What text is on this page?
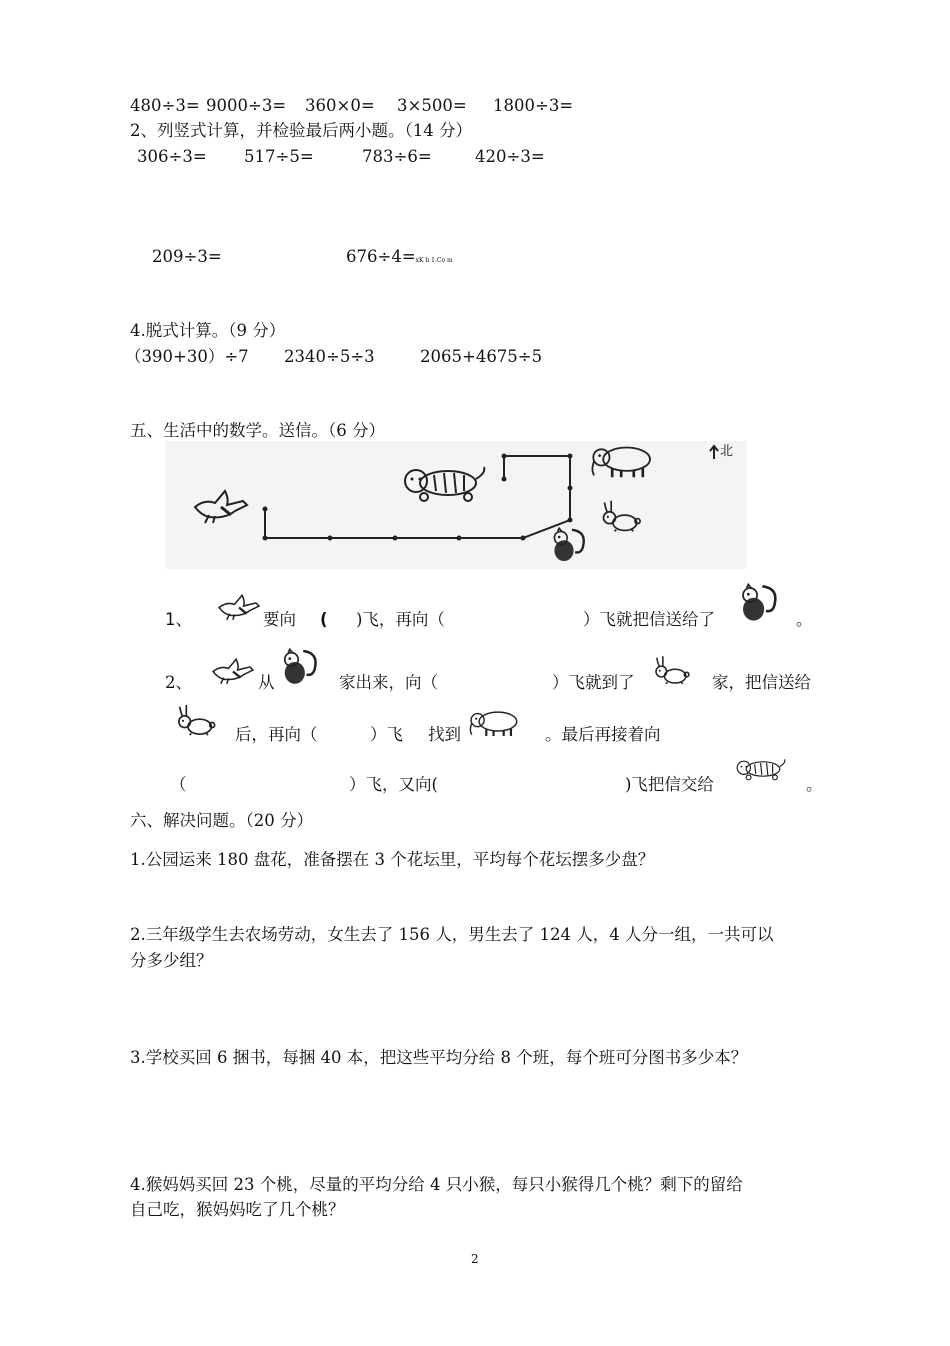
480÷3= 9000÷3= 360×0= 3×500= 1800÷3=
2、列竖式计算，并检验最后两小题。（14 分）
306÷3= 517÷5=	783÷6=	420÷3=
209÷3=	676÷4=xK b 1.Co m
4.脱式计算。（9 分）
（390+30）÷7 2340÷5÷3	2065+4675÷5
五、生活中的数学。送信。（6 分）
北
1、	要向 ( )飞，再向（	）飞就把信送给了	。
2、	从	家出来，向（	）飞就到了	家，把信送给
后，再向（	）飞 找到	。最后再接着向
（	）飞，又向(	)飞把信交给	。
六、解决问题。（20 分）
1.公园运来 180 盘花，准备摆在 3 个花坛里，平均每个花坛摆多少盘？
2.三年级学生去农场劳动，女生去了 156 人，男生去了 124 人，4 人分一组，一共可以
分多少组？
3.学校买回 6 捆书，每捆 40 本，把这些平均分给 8 个班，每个班可分图书多少本？
4.猴妈妈买回 23 个桃，尽量的平均分给 4 只小猴，每只小猴得几个桃？剩下的留给
自己吃，猴妈妈吃了几个桃？
2
